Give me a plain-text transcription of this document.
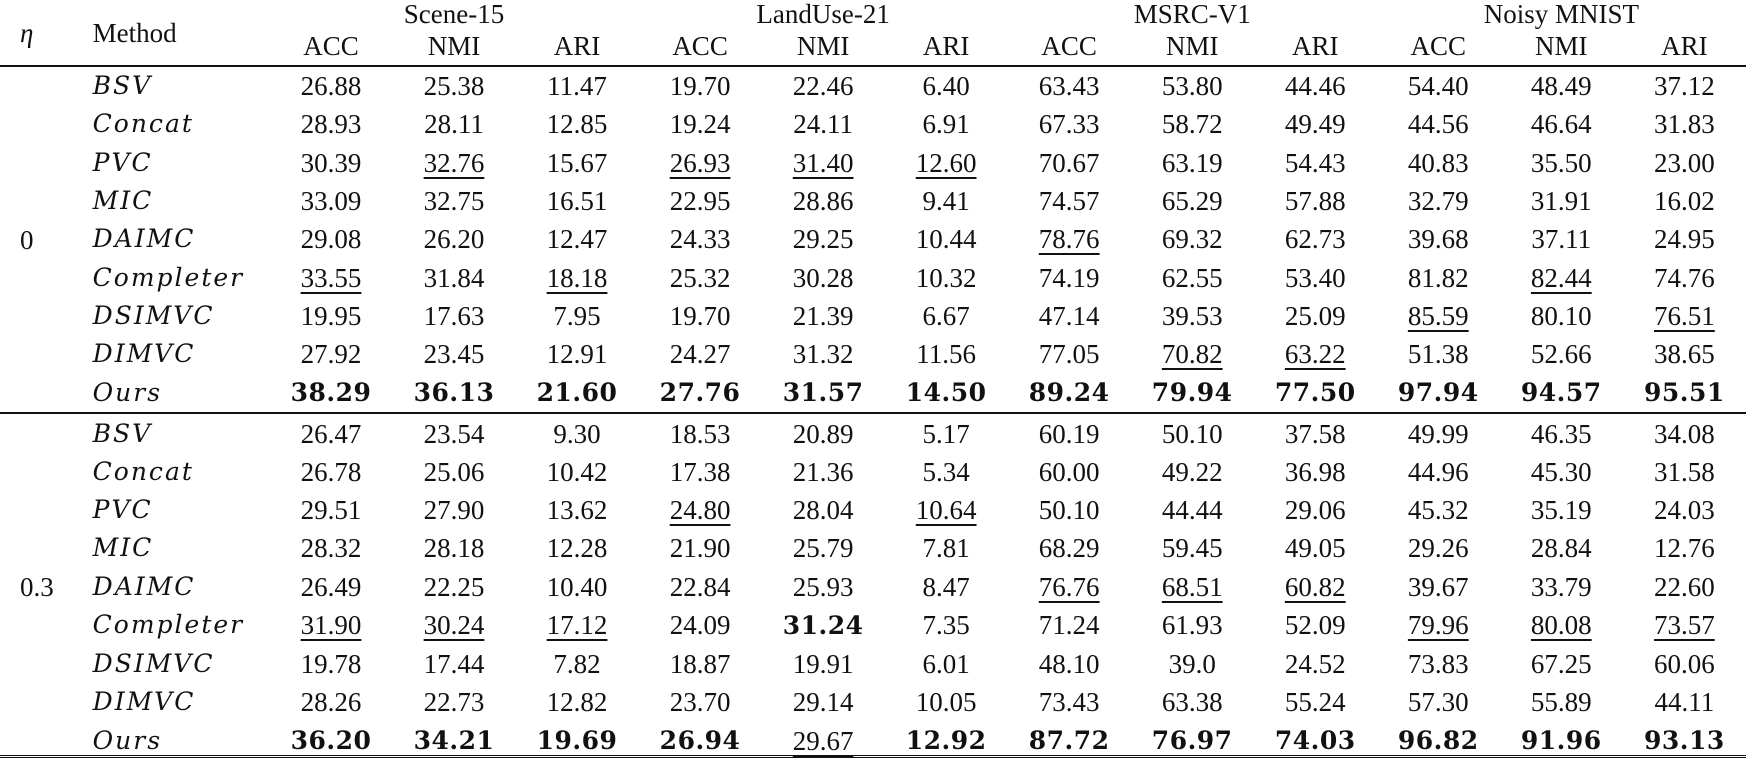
η	Method	Scene-15			LandUse-21			MSRC-V1			Noisy MNIST		
		ACC	NMI	ARI	ACC	NMI	ARI	ACC	NMI	ARI	ACC	NMI	ARI
0	BSV	26.88	25.38	11.47	19.70	22.46	6.40	63.43	53.80	44.46	54.40	48.49	37.12
	Concat	28.93	28.11	12.85	19.24	24.11	6.91	67.33	58.72	49.49	44.56	46.64	31.83
	PVC	30.39	32.76	15.67	26.93	31.40	12.60	70.67	63.19	54.43	40.83	35.50	23.00
	MIC	33.09	32.75	16.51	22.95	28.86	9.41	74.57	65.29	57.88	32.79	31.91	16.02
	DAIMC	29.08	26.20	12.47	24.33	29.25	10.44	78.76	69.32	62.73	39.68	37.11	24.95
	Completer	33.55	31.84	18.18	25.32	30.28	10.32	74.19	62.55	53.40	81.82	82.44	74.76
	DSIMVC	19.95	17.63	7.95	19.70	21.39	6.67	47.14	39.53	25.09	85.59	80.10	76.51
	DIMVC	27.92	23.45	12.91	24.27	31.32	11.56	77.05	70.82	63.22	51.38	52.66	38.65
	Ours	38.29	36.13	21.60	27.76	31.57	14.50	89.24	79.94	77.50	97.94	94.57	95.51
0.3	BSV	26.47	23.54	9.30	18.53	20.89	5.17	60.19	50.10	37.58	49.99	46.35	34.08
	Concat	26.78	25.06	10.42	17.38	21.36	5.34	60.00	49.22	36.98	44.96	45.30	31.58
	PVC	29.51	27.90	13.62	24.80	28.04	10.64	50.10	44.44	29.06	45.32	35.19	24.03
	MIC	28.32	28.18	12.28	21.90	25.79	7.81	68.29	59.45	49.05	29.26	28.84	12.76
	DAIMC	26.49	22.25	10.40	22.84	25.93	8.47	76.76	68.51	60.82	39.67	33.79	22.60
	Completer	31.90	30.24	17.12	24.09	31.24	7.35	71.24	61.93	52.09	79.96	80.08	73.57
	DSIMVC	19.78	17.44	7.82	18.87	19.91	6.01	48.10	39.0	24.52	73.83	67.25	60.06
	DIMVC	28.26	22.73	12.82	23.70	29.14	10.05	73.43	63.38	55.24	57.30	55.89	44.11
	Ours	36.20	34.21	19.69	26.94	29.67	12.92	87.72	76.97	74.03	96.82	91.96	93.13
